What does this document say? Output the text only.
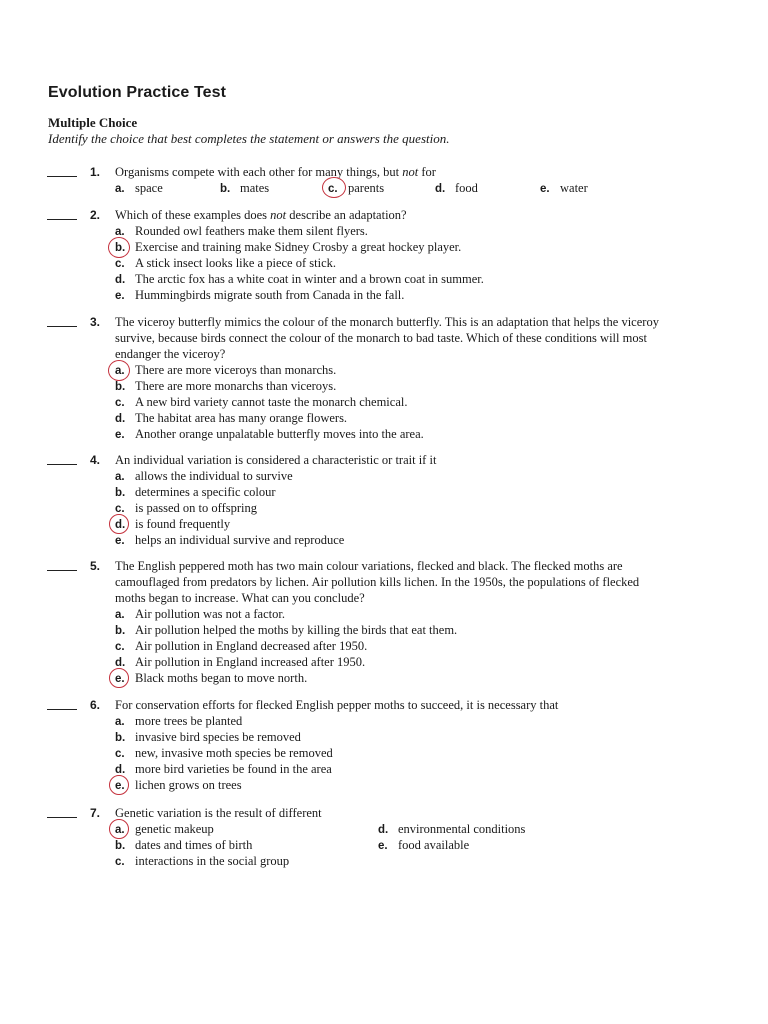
Evolution Practice Test
Multiple Choice
Identify the choice that best completes the statement or answers the question.
1. Organisms compete with each other for many things, but not for
a. space	b. mates	c. parents	d. food	e. water
2. Which of these examples does not describe an adaptation?
a. Rounded owl feathers make them silent flyers.
b. Exercise and training make Sidney Crosby a great hockey player.
c. A stick insect looks like a piece of stick.
d. The arctic fox has a white coat in winter and a brown coat in summer.
e. Hummingbirds migrate south from Canada in the fall.
3. The viceroy butterfly mimics the colour of the monarch butterfly. This is an adaptation that helps the viceroy
survive, because birds connect the colour of the monarch to bad taste. Which of these conditions will most
endanger the viceroy?
a. There are more viceroys than monarchs.
b. There are more monarchs than viceroys.
c. A new bird variety cannot taste the monarch chemical.
d. The habitat area has many orange flowers.
e. Another orange unpalatable butterfly moves into the area.
4. An individual variation is considered a characteristic or trait if it
a. allows the individual to survive
b. determines a specific colour
c. is passed on to offspring
d. is found frequently
e. helps an individual survive and reproduce
5. The English peppered moth has two main colour variations, flecked and black. The flecked moths are
camouflaged from predators by lichen. Air pollution kills lichen. In the 1950s, the populations of flecked
moths began to increase. What can you conclude?
a. Air pollution was not a factor.
b. Air pollution helped the moths by killing the birds that eat them.
c. Air pollution in England decreased after 1950.
d. Air pollution in England increased after 1950.
e. Black moths began to move north.
6. For conservation efforts for flecked English pepper moths to succeed, it is necessary that
a. more trees be planted
b. invasive bird species be removed
c. new, invasive moth species be removed
d. more bird varieties be found in the area
e. lichen grows on trees
7. Genetic variation is the result of different
a. genetic makeup
b. dates and times of birth
c. interactions in the social group
d. environmental conditions
e. food available
